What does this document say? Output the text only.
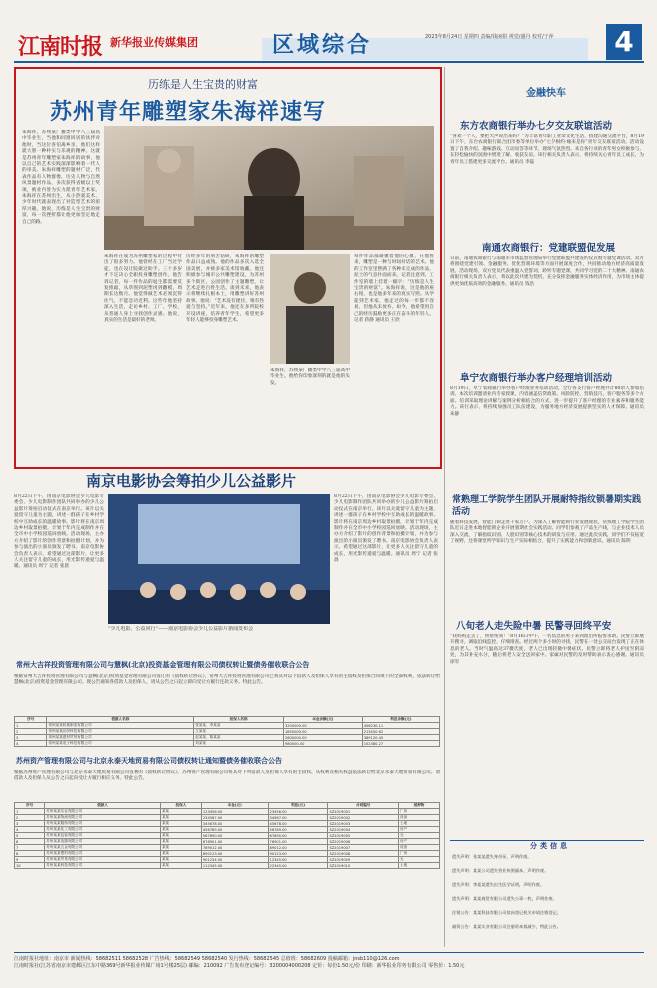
江南时报 新华报业传媒集团	区域综合	2023年8月24日 星期四 责编/钱丽娟 视觉/盛丹 校对/于萍 4
历练是人生宝贵的财富
苏州青年雕塑家朱海祥速写
朱海祥，苏州某广播类中学八三届高中毕业生，当他和同窗同居的伙伴对他时，当这位喜伯离乡亲，他们这样就大胆一种朴实与乐观的精神。这就是苏州青年雕塑家朱海祥的故事，他以自己的艺术实践深深影响着一代人的审美。朱海祥雕塑的题材广泛，代表作品有人物群像、历史人物与自然风景题材作品，多次获得省级以上奖项，被业内誉为实力派青年艺术家。朱海祥在苏州出生，从小热爱美术，少年时代就表现出了对造型艺术的浓厚兴趣。他说，历练是人生宝贵的财富，每一次挫折都让他更加坚定地走自己的路。
朱海祥在成为苏州雕塑家的过程中付出了很多努力。他曾经在工厂当过学徒，也在设计院做过助手。三十多岁才下定决心全职投身雕塑创作。他告诉记者，每一件作品的诞生都需要反复推敲，从草图到泥塑再到翻模，周期长达数月。他觉得做艺术必须沉得住气，不能急功近利。这些年他坚持深入生活，走访乡村、工厂、学校，从普通人身上寻找创作灵感。他说，真实的生活是最好的老师。
历经多年的刻苦钻研，朱海祥的雕塑作品日益成熟。他的作品多次入选全国美展，并被多家美术馆收藏。他还积极参与城市公共雕塑建设，为苏州多个街区、公园创作了主题雕塑，让艺术走进百姓生活。谈到未来，他表示将继续扎根本土，用雕塑讲好苏州故事。他说：“艺术没有捷径，唯有热爱与坚持。”近年来，他还在多所院校开设讲座，培养青年学生，希望更多年轻人能够投身雕塑艺术。
每件作品都凝聚着他的心血，在他看来，雕塑是一种与时间对话的艺术。他的工作室里摆满了各种未完成的作品，泥土的气息扑面而来。记者注意到，工作室的墙上挂着一幅字：“历练是人生宝贵的财富”。朱海祥说，这是他的座右铭，也是他多年来的真实写照。从学徒到艺术家，他走过的每一步都不容易，但他从未放弃。如今，他希望用自己的经历鼓励更多正在奋斗的年轻人。记者 蒋静 通讯员 王欣
朱海祥，苏州某广播类中学八三届高中毕业生。他给你印象深刻的就是他的头发。
金融快车
东方农商银行举办七夕交友联谊活动
“喜欢一个人，要把大声说出来吗？”为丰富青年职工业余文化生活，搭建沟通交流平台，8月19日下午，东台农商银行联合团市委等单位举办“七夕相约·缘来是你”青年交友联谊活动。活动设置了自我介绍、趣味游戏、互动问答等环节，现场气氛热烈。来自各行业的青年男女积极参与，在轻松愉快的氛围中增进了解、收获友谊。该行相关负责人表示，将持续关心青年员工成长，为青年员工搭建更多交流平台。通讯员 李磊
南通农商银行：党建联盟促发展
日前，南通农商银行与南通市市场监督管理局举行党建联盟共建签约仪式暨专题党课活动。双方将围绕党建引领、金融服务、优化营商环境等方面开展深度合作，共同推动地方经济高质量发展。活动现场，双方党员代表重温入党誓词，聆听专题党课，共同学习党的二十大精神。南通农商银行相关负责人表示，将以此次共建为契机，充分发挥金融服务实体经济作用，为市场主体提供更加优质高效的金融服务。通讯员 钱浩
阜宁农商银行举办客户经理培训活动
8月19日，阜宁农商银行举办客户经理业务培训活动，全行各支行客户经理共计80余人参加培训。本次培训邀请业内专家授课，内容涵盖信贷政策、风险防控、营销技巧、客户服务等多个方面。培训采取理论讲解与案例分析相结合的方式，进一步提升了客户经理的专业素养和服务能力。该行表示，将持续加强员工队伍建设，为服务地方经济发展提供坚实的人才保障。通讯员 朱静
南京电影协会筹拍少儿公益影片
8月22日下午，由南京电影协会少儿电影专委会、少儿电影制作团队共同举办的少儿公益影片筹拍启动仪式在南京举行。该片以关爱留守儿童为主题，讲述一群孩子在乡村学校中互助成长的温暖故事。影片将在南京周边乡村取景拍摄，计划于年内完成制作并在全市中小学校园巡回放映。活动现场，主办方介绍了影片的创作背景和拍摄计划，并为参与演出的小演员颁发了聘书。南京电影协会负责人表示，希望通过这部影片，让更多人关注留守儿童的成长，用光影传递爱与温暖。通讯员 周宁 记者 张晨
“少儿电影，公益同行”——南京电影协会少儿公益影片新闻发布会
8月22日下午，由南京电影协会少儿电影专委会、少儿电影制作团队共同举办的少儿公益影片筹拍启动仪式在南京举行。该片以关爱留守儿童为主题，讲述一群孩子在乡村学校中互助成长的温暖故事。影片将在南京周边乡村取景拍摄，计划于年内完成制作并在全市中小学校园巡回放映。活动现场，主办方介绍了影片的创作背景和拍摄计划，并为参与演出的小演员颁发了聘书。南京电影协会负责人表示，希望通过这部影片，让更多人关注留守儿童的成长，用光影传递爱与温暖。通讯员 周宁 记者 张晨
常熟理工学院学生团队开展耐特指纹锁暑期实践活动
随着科技发展，智能门锁走进千家万户。为深入了解智能锁行业发展现状，常熟理工学院学生团队近日走进本地智能锁企业开展暑期社会实践活动。同学们参观了产品生产线，与企业技术人员深入交流，了解指纹识别、人脸识别等核心技术的研发与应用。通过此次实践，同学们不仅拓宽了视野，还将课堂所学知识与生产实际相结合，提升了实践能力和创新意识。通讯员 陈明
八旬老人走失险中暑 民警寻回终平安
“我妈妈走丢了，快帮帮我！”8月16日中午，一名焦急的男子来到派出所报警求助。民警立即展开搜寻，调取沿线监控，仔细排查。经过两个多小时的寻找，民警在一处公交站台发现了正在休息的老人。当时气温高达37摄氏度，老人已出现轻微中暑症状。民警立即将老人护送至阴凉处，为其补充水分，随后将老人安全送回家中。家属对民警的及时帮助表示衷心感谢。通讯员 徐军
常州大吉祥投资管理有限公司与慧枫(北京)投资基金管理有限公司债权转让暨债务催收联合公告
根据常州大吉祥投资管理有限公司与慧枫(北京)投资基金管理有限公司签订的《债权转让协议》，常州大吉祥投资管理有限公司已将其对以下借款人及担保人享有的主债权及担保合同项下的全部权利，依法转让给慧枫(北京)投资基金管理有限公司。现公告通知各借款人及担保人，请从公告之日起立即向受让方履行还款义务。特此公告。
序号	借款人名称	担保人名称	本金余额(元)	利息余额(元)
1	常州某某机械制造有限公司	张某某、李某某	3200000.00	456230.11
2	常州某某纺织科技有限公司	王某某	1850000.00	213450.62
3	常州某某建材贸易有限公司	赵某某、陈某某	2600000.00	389120.45
4	常州某某电子科技有限公司	刘某某	980000.00	102380.27
苏州资产管理有限公司与北京永泰天地贸易有限公司债权转让通知暨债务催收联合公告
根据苏州资产管理有限公司与北京永泰天地贸易有限公司签署的《债权转让协议》，苏州资产管理有限公司将其对下列借款人及担保人享有的主债权、从权利及相关权益依法转让给北京永泰天地贸易有限公司。请借款人及担保人从公告之日起向受让方履行相应义务。特此公告。
序号	借款人	担保人	本金(元)	利息(元)	合同编号	抵押物
1	苏州某某实业有限公司	某某	123456.00	23456.00	SZ2019001	厂房
2	苏州某某物流有限公司	某某	234567.00	34567.00	SZ2019002	设备
3	苏州某某服饰有限公司	某某	345678.00	45678.00	SZ2019003	土地
4	苏州某某化工有限公司	某某	456789.00	56789.00	SZ2019004	房产
5	苏州某某包装有限公司	某某	567890.00	67890.00	SZ2019005	无
6	苏州某某电器有限公司	某某	678901.00	78901.00	SZ2019006	房产
7	苏州某某五金有限公司	某某	789012.00	89012.00	SZ2019007	设备
8	苏州某某塑料有限公司	某某	890123.00	90123.00	SZ2019008	厂房
9	苏州某某贸易有限公司	某某	901234.00	12345.00	SZ2019009	无
10	苏州某某科技有限公司	某某	112345.00	22345.00	SZ2019010	土地
分类信息
遗失声明：张某某遗失身份证，声明作废。
遗失声明：某某公司遗失营业执照副本，声明作废。
遗失声明：李某某遗失出生医学证明，声明作废。
遗失声明：某某商贸有限公司遗失公章一枚，声明作废。
注销公告：某某科技有限公司拟向登记机关申请注销登记。
减资公告：某某实业有限公司注册资本拟减少，特此公告。
江南时报社地址：南京市 新闻热线：58682511 58682528 广告热线：58682549 58682540 发行热线：58682545 总值班：58682609 投稿邮箱：jnsb110@126.com
江南时报社(江苏省南京市建邺区江东中路369号新华报业传媒广场1号楼25层) 邮编：210092 广告发布登记编号：3200004000208 定价：每份1.50元/份 印刷：新华报业印务有限公司 零售价：1.50元
